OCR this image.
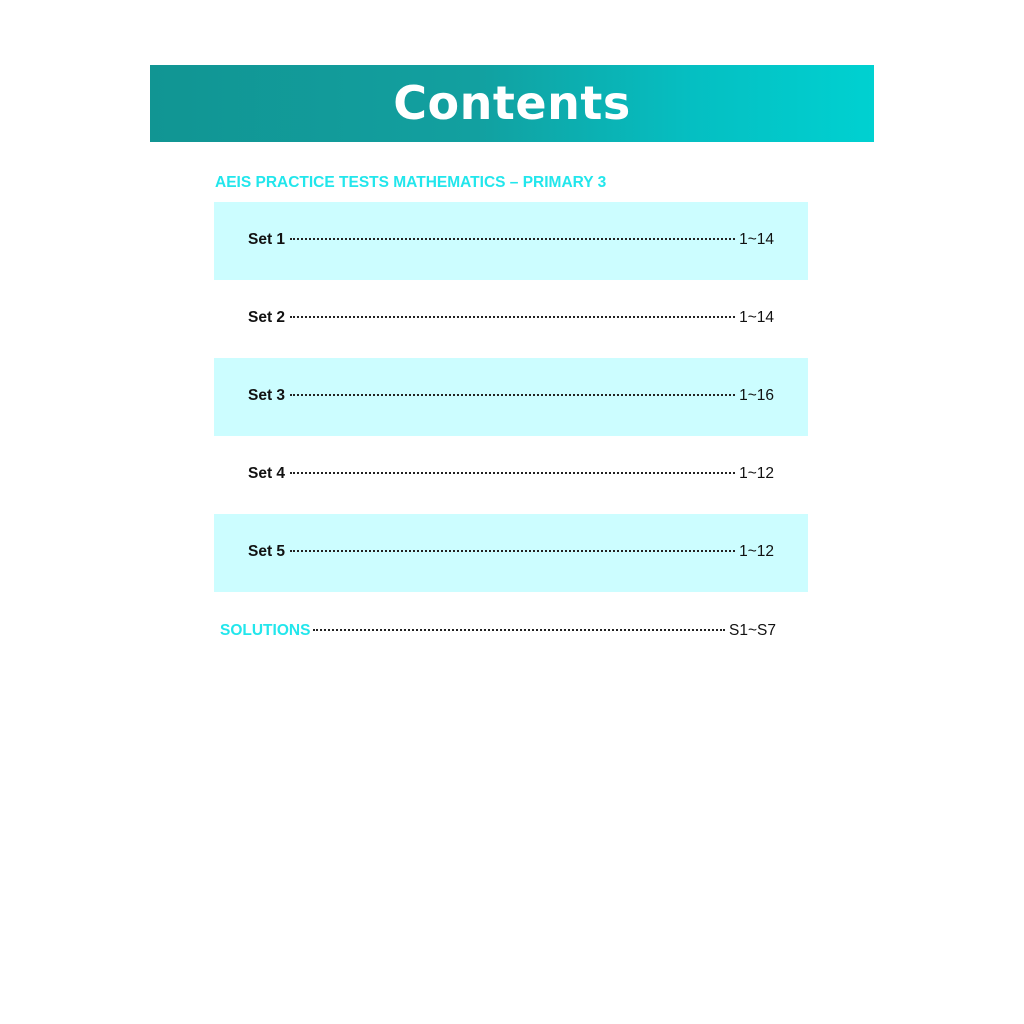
Contents
AEIS PRACTICE TESTS MATHEMATICS – PRIMARY 3
Set 1	1~14
Set 2	1~14
Set 3	1~16
Set 4	1~12
Set 5	1~12
SOLUTIONS	S1~S7
